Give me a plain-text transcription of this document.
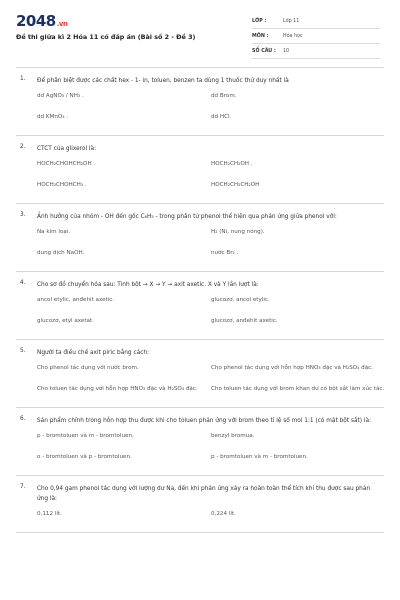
2048.vn
Đề thi giữa kì 2 Hóa 11 có đáp án (Bài số 2 - Đề 3)
LỚP :	Lớp 11
MÔN :	Hóa học
SỐ CÂU :	10
1.	Để phân biệt được các chất hex - 1- in, toluen, benzen ta dùng 1 thuốc thử duy nhất là
dd AgNO₃ / NH₃ .	dd Brom.
dd KMnO₄ .	dd HCl.
2.	CTCT của glixerol là:
HOCH₂CHOHCH₂OH .	HOCH₂CH₂OH .
HOCH₂CHOHCH₃ .	HOCH₂CH₂CH₂OH
3.	Ảnh hưởng của nhóm - OH đến gốc C₆H₅ - trong phân tử phenol thể hiện qua phản ứng giữa phenol với:
Na kim loại.	H₂ (Ni, nung nóng).
dung dịch NaOH.	nước Br₂ .
4.	Cho sơ đồ chuyển hóa sau: Tinh bột → X → Y → axit axetic. X và Y lần lượt là:
ancol etylic, anđehit axetic.	glucozơ, ancol etylic.
glucozơ, etyl axetat.	glucozơ, anđehit axetic.
5.	Người ta điều chế axit piric bằng cách:
Cho phenol tác dụng với nước brom.	Cho phenol tác dụng với hỗn hợp HNO₃ đặc và H₂SO₄ đặc.
Cho toluen tác dụng với hỗn hợp HNO₃ đặc và H₂SO₄ đặc.	Cho toluen tác dụng với brom khan dư có bột sắt làm xúc tác.
6.	Sản phẩm chính trong hỗn hợp thu được khi cho toluen phản ứng với brom theo tỉ lệ số mol 1:1 (có mặt bột sắt) là:
p - bromtoluen và m - bromtoluen.	benzyl bromua.
o - bromtoluen và p - bromtoluen.	p - bromtoluen và m - bromtoluen.
7.	Cho 0,94 gam phenol tác dụng với lượng dư Na, đến khi phản ứng xảy ra hoàn toàn thể tích khí thu được sau phản ứng là:
0,112 lít.	0,224 lít.
